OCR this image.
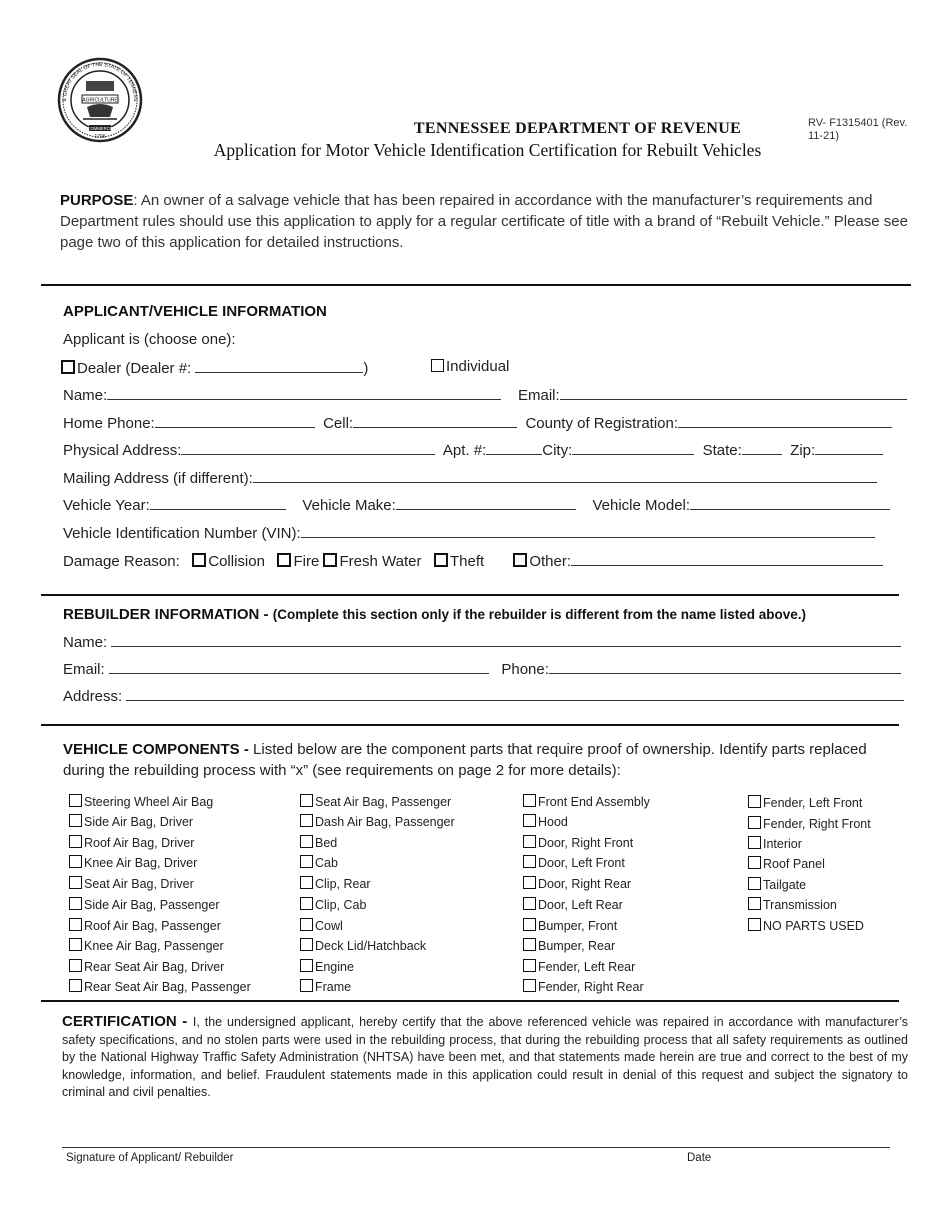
AGRICULTURE
COMMERCE
1796
E GREAT SEAL OF THE STATE OF TENNESS
RV- F1315401 (Rev. 11-21)
TENNESSEE DEPARTMENT OF REVENUE
Application for Motor Vehicle Identification Certification for Rebuilt Vehicles
PURPOSE: An owner of a salvage vehicle that has been repaired in accordance with the manufacturer’s requirements and Department rules should use this application to apply for a regular certificate of title with a brand of “Rebuilt Vehicle.” Please see page two of this application for detailed instructions.
APPLICANT/VEHICLE INFORMATION
Applicant is (choose one):
Dealer (Dealer #:	)	Individual
Name:	Email:
Home Phone:	Cell:	County of Registration:
Physical Address:	Apt. #:	City:	State:	Zip:
Mailing Address (if different):
Vehicle Year:	Vehicle Make:	Vehicle Model:
Vehicle Identification Number (VIN):
Damage Reason: Collision Fire Fresh Water Theft	Other:
REBUILDER INFORMATION - (Complete this section only if the rebuilder is different from the name listed above.)
Name:
Email:	Phone:
Address:
VEHICLE COMPONENTS - Listed below are the component parts that require proof of ownership. Identify parts replaced during the rebuilding process with “x” (see requirements on page 2 for more details):
Steering Wheel Air Bag
Side Air Bag, Driver
Roof Air Bag, Driver
Knee Air Bag, Driver
Seat Air Bag, Driver
Side Air Bag, Passenger
Roof Air Bag, Passenger
Knee Air Bag, Passenger
Rear Seat Air Bag, Driver
Rear Seat Air Bag, Passenger
Seat Air Bag, Passenger
Dash Air Bag, Passenger
Bed
Cab
Clip, Rear
Clip, Cab
Cowl
Deck Lid/Hatchback
Engine
Frame
Front End Assembly
Hood
Door, Right Front
Door, Left Front
Door, Right Rear
Door, Left Rear
Bumper, Front
Bumper, Rear
Fender, Left Rear
Fender, Right Rear
Fender, Left Front
Fender, Right Front
Interior
Roof Panel
Tailgate
Transmission
NO PARTS USED
CERTIFICATION - I, the undersigned applicant, hereby certify that the above referenced vehicle was repaired in accordance with manufacturer’s safety specifications, and no stolen parts were used in the rebuilding process, that during the rebuilding process that all safety requirements as outlined by the National Highway Traffic Safety Administration (NHTSA) have been met, and that statements made herein are true and correct to the best of my knowledge, information, and belief. Fraudulent statements made in this application could result in denial of this request and subject the signatory to criminal and civil penalties.
Signature of Applicant/ Rebuilder	Date
